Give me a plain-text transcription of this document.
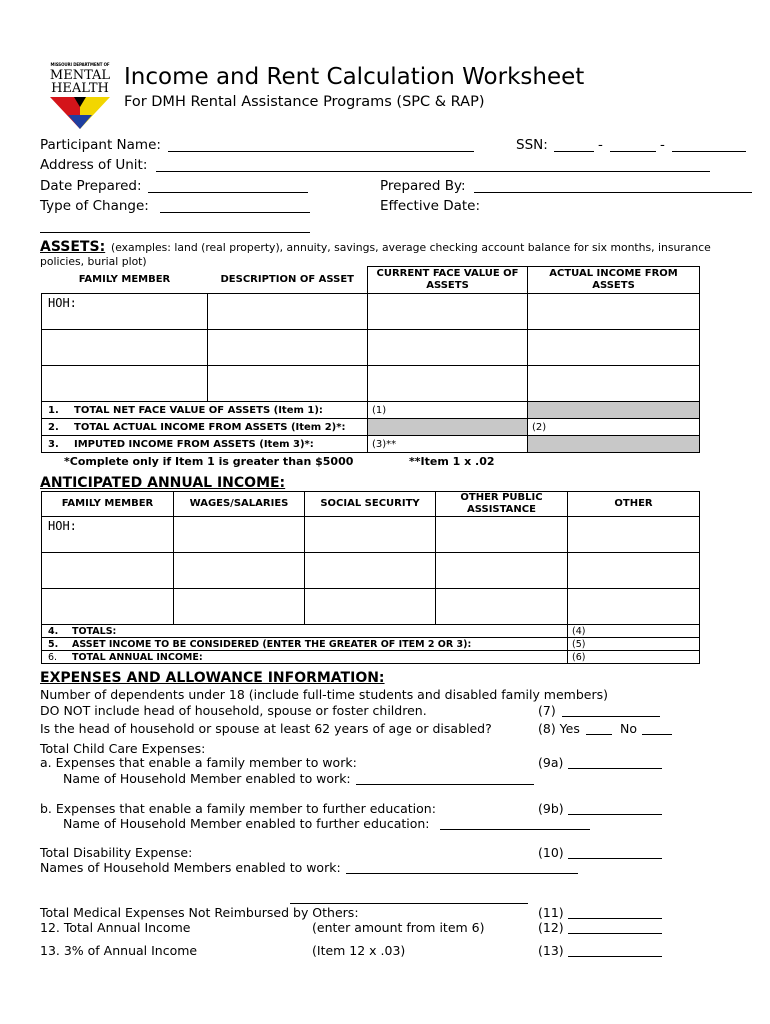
MISSOURI DEPARTMENT OF
MENTAL
HEALTH Income and Rent Calculation Worksheet
For DMH Rental Assistance Programs (SPC & RAP)
Participant Name:	SSN:	-	-
Address of Unit:
Date Prepared:	Prepared By:
Type of Change:	Effective Date:
ASSETS: (examples: land (real property), annuity, savings, average checking account balance for six months, insurance
policies, burial plot)
FAMILY MEMBER	DESCRIPTION OF ASSET	CURRENT FACE VALUE OF ASSETS	ACTUAL INCOME FROM ASSETS

HOH:			

1. TOTAL NET FACE VALUE OF ASSETS (Item 1):		(1)	
2. TOTAL ACTUAL INCOME FROM ASSETS (Item 2)*:			(2)
3. IMPUTED INCOME FROM ASSETS (Item 3)*:		(3)**	
*Complete only if Item 1 is greater than $5000	**Item 1 x .02
ANTICIPATED ANNUAL INCOME:
FAMILY MEMBER	WAGES/SALARIES	SOCIAL SECURITY	OTHER PUBLIC ASSISTANCE	OTHER

HOH:				

4. TOTALS:				(4)
5. ASSET INCOME TO BE CONSIDERED (ENTER THE GREATER OF ITEM 2 OR 3):				(5)
6. TOTAL ANNUAL INCOME:				(6)
EXPENSES AND ALLOWANCE INFORMATION:
Number of dependents under 18 (include full-time students and disabled family members)
DO NOT include head of household, spouse or foster children.	(7)
Is the head of household or spouse at least 62 years of age or disabled?	(8) Yes	No
Total Child Care Expenses:
a. Expenses that enable a family member to work:	(9a)
Name of Household Member enabled to work:
b. Expenses that enable a family member to further education:	(9b)
Name of Household Member enabled to further education:
Total Disability Expense:	(10)
Names of Household Members enabled to work:
Total Medical Expenses Not Reimbursed by Others:	(11)
12. Total Annual Income	(enter amount from item 6)	(12)
13. 3% of Annual Income	(Item 12 x .03)	(13)
